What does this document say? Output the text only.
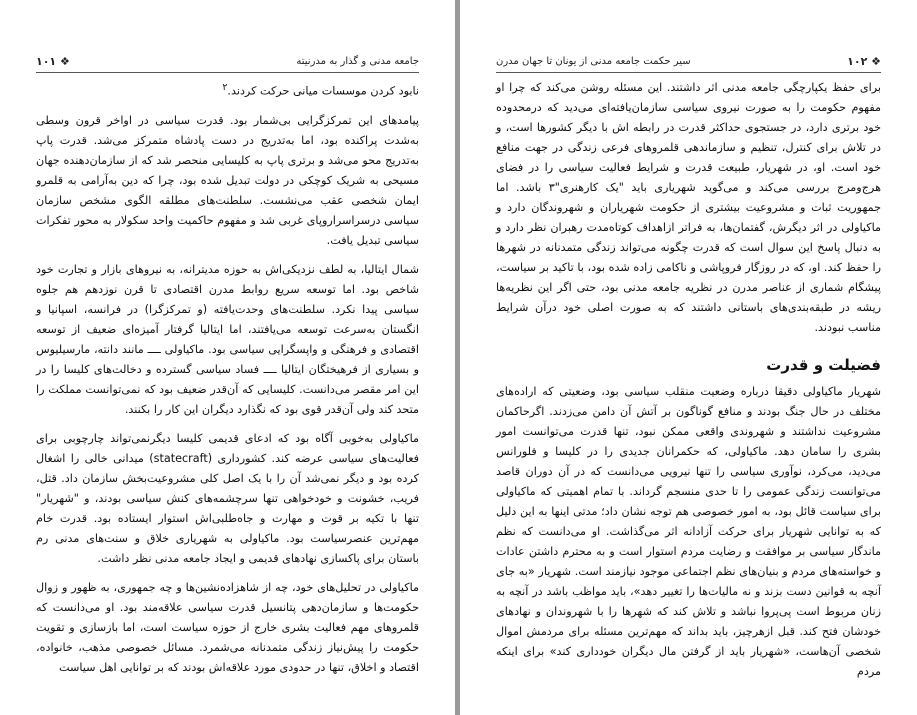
❖ ١٠١	جامعه مدنی و گذار به مدرنیته

نابود کردن موسسات میانی حرکت کردند.$^۲$

پیامدهای این تمرکزگرایی بی‌شمار بود. قدرت سیاسی در اواخر قرون وسطی به‌شدت پراکنده بود، اما به‌تدریج در دست پادشاه متمرکز می‌شد. قدرت پاپ به‌تدریج محو می‌شد و برتری پاپ به کلیسایی منحصر شد که از سازمان‌دهنده جهان مسیحی به شریک کوچکی در دولت تبدیل شده بود، چرا که دین به‌آرامی به قلمرو ایمان شخصی عقب می‌نشست. سلطنت‌های مطلقه الگوی مشخص سازمان سیاسی درسراسراروپای غربی شد و مفهوم حاکمیت واحد سکولار به محور تفکرات سیاسی تبدیل یافت.

شمال ایتالیا، به لطف نزدیکی‌اش به حوزه مدیترانه، به نیروهای بازار و تجارت خود شاخص بود. اما توسعه سریع روابط مدرن اقتصادی تا قرن نوزدهم هم جلوه سیاسی پیدا نکرد. سلطنت‌های وحدت‌یافته (و تمرکزگرا) در فرانسه، اسپانیا و انگستان به‌سرعت توسعه می‌یافتند، اما ایتالیا گرفتار آمیزه‌ای ضعیف از توسعه اقتصادی و فرهنگی و واپسگرایی سیاسی بود. ماکیاولی ــــ مانند دانته، مارسیلیوس و بسیاری از فرهیختگان ایتالیا ــــ فساد سیاسی گسترده و دخالت‌های کلیسا را در این امر مقصر می‌دانست. کلیسایی که آن‌قدر ضعیف بود که نمی‌توانست مملکت را متحد کند ولی آن‌قدر قوی بود که نگذارد دیگران این کار را بکنند.

ماکیاولی به‌خوبی آگاه بود که ادعای قدیمی کلیسا دیگرنمی‌تواند چارچوبی برای فعالیت‌های سیاسی عرضه کند. کشورداری (statecraft) میدانی خالی را اشغال کرده بود و دیگر نمی‌شد آن را با یک اصل کلی مشروعیت‌بخش سازمان داد. قتل، فریب، خشونت و خودخواهی تنها سرچشمه‌های کنش سیاسی بودند، و "شهریار" تنها با تکیه بر قوت و مهارت و جاه‌طلبی‌اش استوار ایستاده بود. قدرت خام مهم‌ترین عنصرسیاست بود. ماکیاولی به شهریاری خلاق و سنت‌های مدنی رم باستان برای پاکسازی نهادهای قدیمی و ایجاد جامعه مدنی نظر داشت.

ماکیاولی در تحلیل‌های خود، چه از شاهزاده‌نشین‌ها و چه جمهوری، به ظهور و زوال حکومت‌ها و سازمان‌دهی پتانسیل قدرت سیاسی علاقه‌مند بود. او می‌دانست که قلمروهای مهم فعالیت بشری خارج از حوزه سیاست است، اما بازسازی و تقویت حکومت را پیش‌نیاز زندگی متمدنانه می‌شمرد. مسائل خصوصی مذهب، خانواده، اقتصاد و اخلاق، تنها در حدودی مورد علاقه‌اش بودند که بر توانایی اهل سیاست

❖ ١٠٢
سیر حکمت جامعه مدنی از یونان تا جهان مدرن

برای حفظ یکپارچگی جامعه مدنی اثر داشتند. این مسئله روشن می‌کند که چرا او مفهوم حکومت را به صورت نیروی سیاسی سازمان‌یافته‌ای می‌دید که درمحدوده خود برتری دارد، در جستجوی حداکثر قدرت در رابطه اش با دیگر کشورها است، و در تلاش برای کنترل، تنظیم و سازماندهی قلمروهای فرعی زندگی در جهت منافع خود است. او، در شهریار، طبیعت قدرت و شرایط فعالیت سیاسی را در فضای هرج‌ومرج بررسی می‌کند و می‌گوید شهریاری باید "یک کارهنری"۳ باشد. اما جمهوریت ثبات و مشروعیت بیشتری از حکومت شهریاران و شهروندگان دارد و ماکیاولی در اثر دیگرش، گفتمان‌ها، به فراتر ازاهداف کوتاه‌مدت رهبران نظر دارد و به دنبال پاسخ این سوال است که قدرت چگونه می‌تواند زندگی متمدنانه در شهرها را حفظ کند. او، که در روزگار فروپاشی و ناکامی زاده شده بود، با تاکید بر سیاست، پیشگام شماری از عناصر مدرن در نظریه جامعه مدنی بود، حتی اگر این نظریه‌ها ریشه در طبقه‌بندی‌های باستانی داشتند که به صورت اصلی خود درآن شرایط مناسب نبودند.

فضیلت و قدرت

شهریار ماکیاولی دقیقا درباره وضعیت منقلب سیاسی بود، وضعیتی که اراده‌های مختلف در حال جنگ بودند و منافع گوناگون بر آتش آن دامن می‌زدند. اگرحاکمان مشروعیت نداشتند و شهروندی واقعی ممکن نبود، تنها قدرت می‌توانست امور بشری را سامان دهد. ماکیاولی، که حکمرانان جدیدی را در کلیسا و فلورانس می‌دید، می‌کرد، نوآوری سیاسی را تنها نیرویی می‌دانست که در آن دوران قاصد می‌توانست زندگی عمومی را تا حدی منسجم گرداند. با تمام اهمیتی که ماکیاولی برای سیاست قائل بود، به امور خصوصی هم توجه نشان داد؛ مدتی اینها به این دلیل که به توانایی شهریار برای حرکت آزادانه اثر می‌گذاشت. او می‌دانست که نظم ماندگار سیاسی بر موافقت و رضایت مردم استوار است و به محترم داشتن عادات و خواسته‌های مردم و بنیان‌های نظم اجتماعی موجود نیازمند است. شهریار «به جای آنچه به قوانین دست بزند و نه مالیات‌ها را تغییر دهد»، باید مواظب باشد در آنچه به زنان مربوط است پی‌پروا نباشد و تلاش کند که شهرها را با شهروندان و نهادهای خودشان فتح کند. قبل ازهرچیز، باید بداند که مهم‌ترین مسئله برای مردمش اموال شخصی آن‌هاست، «شهریار باید از گرفتن مال دیگران خودداری کند» برای اینکه مردم
